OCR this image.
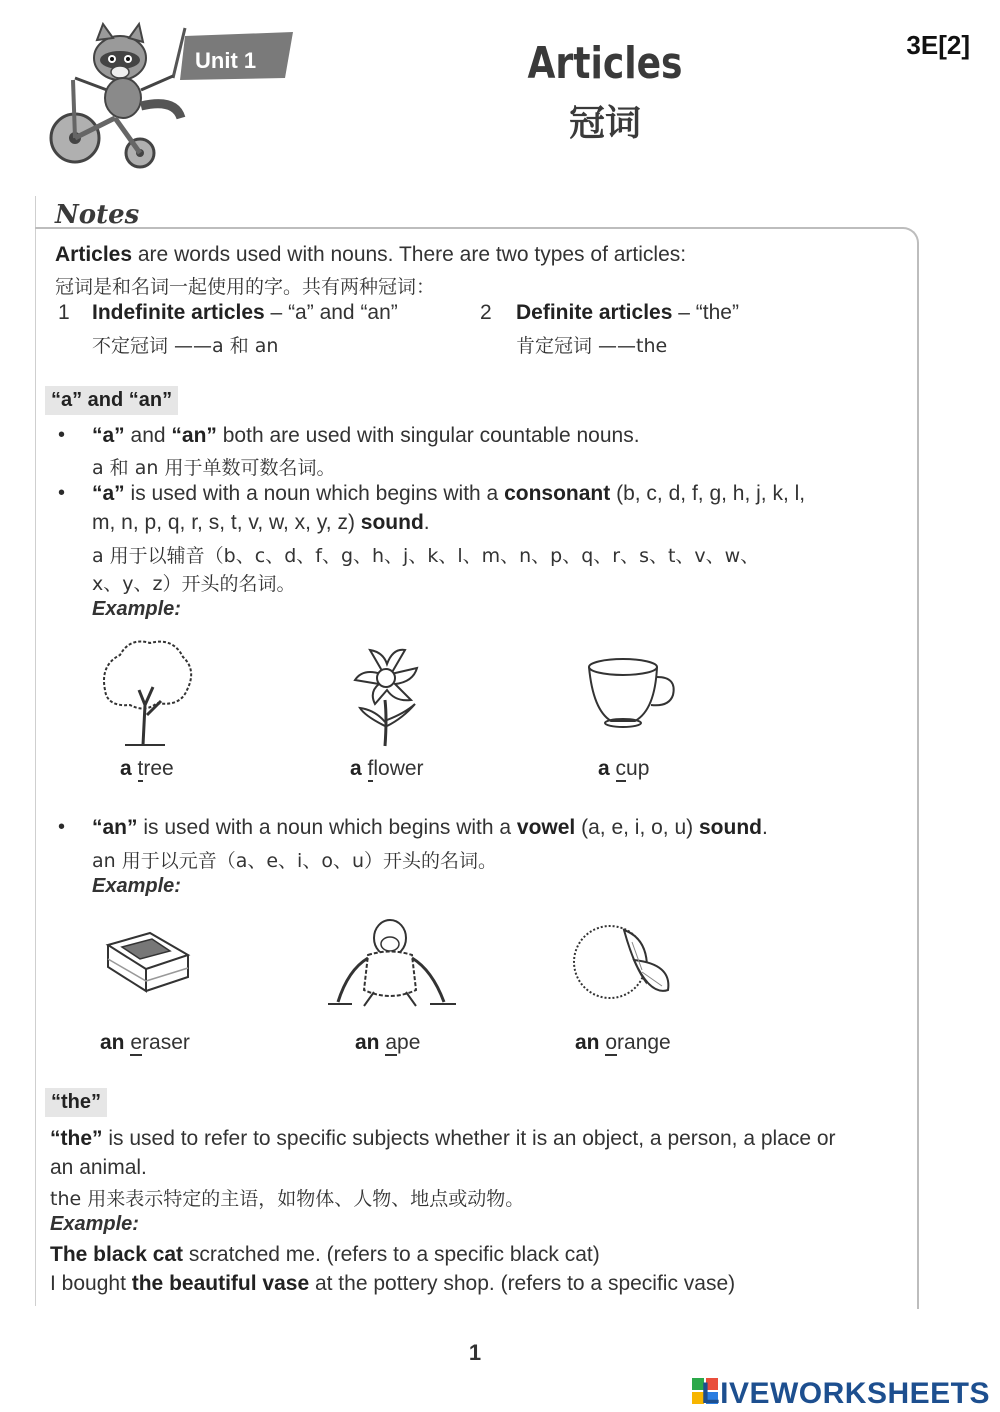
Unit 1	Articles
冠词
3E[2]
Notes
Articles are words used with nouns. There are two types of articles:
冠词是和名词一起使用的字。共有两种冠词：
1 Indefinite articles – “a” and “an”
不定冠词 ——a 和 an
2 Definite articles – “the”
肯定冠词 ——the
“a” and “an”
• “a” and “an” both are used with singular countable nouns.
a 和 an 用于单数可数名词。
• “a” is used with a noun which begins with a consonant (b, c, d, f, g, h, j, k, l,
m, n, p, q, r, s, t, v, w, x, y, z) sound.
a 用于以辅音（b、c、d、f、g、h、j、k、l、m、n、p、q、r、s、t、v、w、
x、y、z）开头的名词。
Example:
a tree	a flower	a cup
• “an” is used with a noun which begins with a vowel (a, e, i, o, u) sound.
an 用于以元音（a、e、i、o、u）开头的名词。
Example:
an eraser	an ape	an orange
“the”
“the” is used to refer to specific subjects whether it is an object, a person, a place or
an animal.
the 用来表示特定的主语，如物体、人物、地点或动物。
Example:
The black cat scratched me. (refers to a specific black cat)
I bought the beautiful vase at the pottery shop. (refers to a specific vase)
1
LIVEWORKSHEETS
